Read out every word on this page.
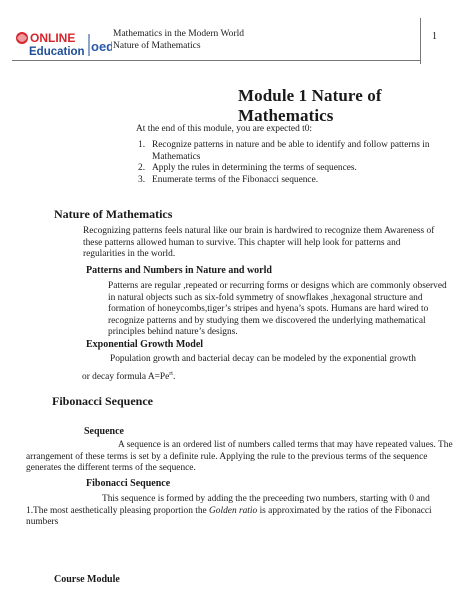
ONLINE
Education oed
Mathematics in the Modern World
Nature of Mathematics
1
Module 1 Nature of Mathematics
At the end of this module, you are expected t0:
1. Recognize patterns in nature and be able to identify and follow patterns in Mathematics
2. Apply the rules in determining the terms of sequences.
3. Enumerate terms of the Fibonacci sequence.
Nature of Mathematics
Recognizing patterns feels natural like our brain is hardwired to recognize them Awareness of these patterns allowed human to survive. This chapter will help look for patterns and regularities in the world.
Patterns and Numbers in Nature and world
Patterns are regular ,repeated or recurring forms or designs which are commonly observed in natural objects such as six-fold symmetry of snowflakes ,hexagonal structure and formation of honeycombs,tiger’s stripes and hyena’s spots. Humans are hard wired to recognize patterns and by studying them we discovered the underlying mathematical principles behind nature’s designs.
Exponential Growth Model
Population growth and bacterial decay can be modeled by the exponential growth
or decay formula $A=Pe^{rt}$.
Fibonacci Sequence
Sequence
A sequence is an ordered list of numbers called terms that may have repeated values. The arrangement of these terms is set by a definite rule. Applying the rule to the previous terms of the sequence generates the different terms of the sequence.
Fibonacci Sequence
This sequence is formed by adding the the preceeding two numbers, starting with 0 and 1.The most aesthetically pleasing proportion the Golden ratio is approximated by the ratios of the Fibonacci numbers
Course Module
